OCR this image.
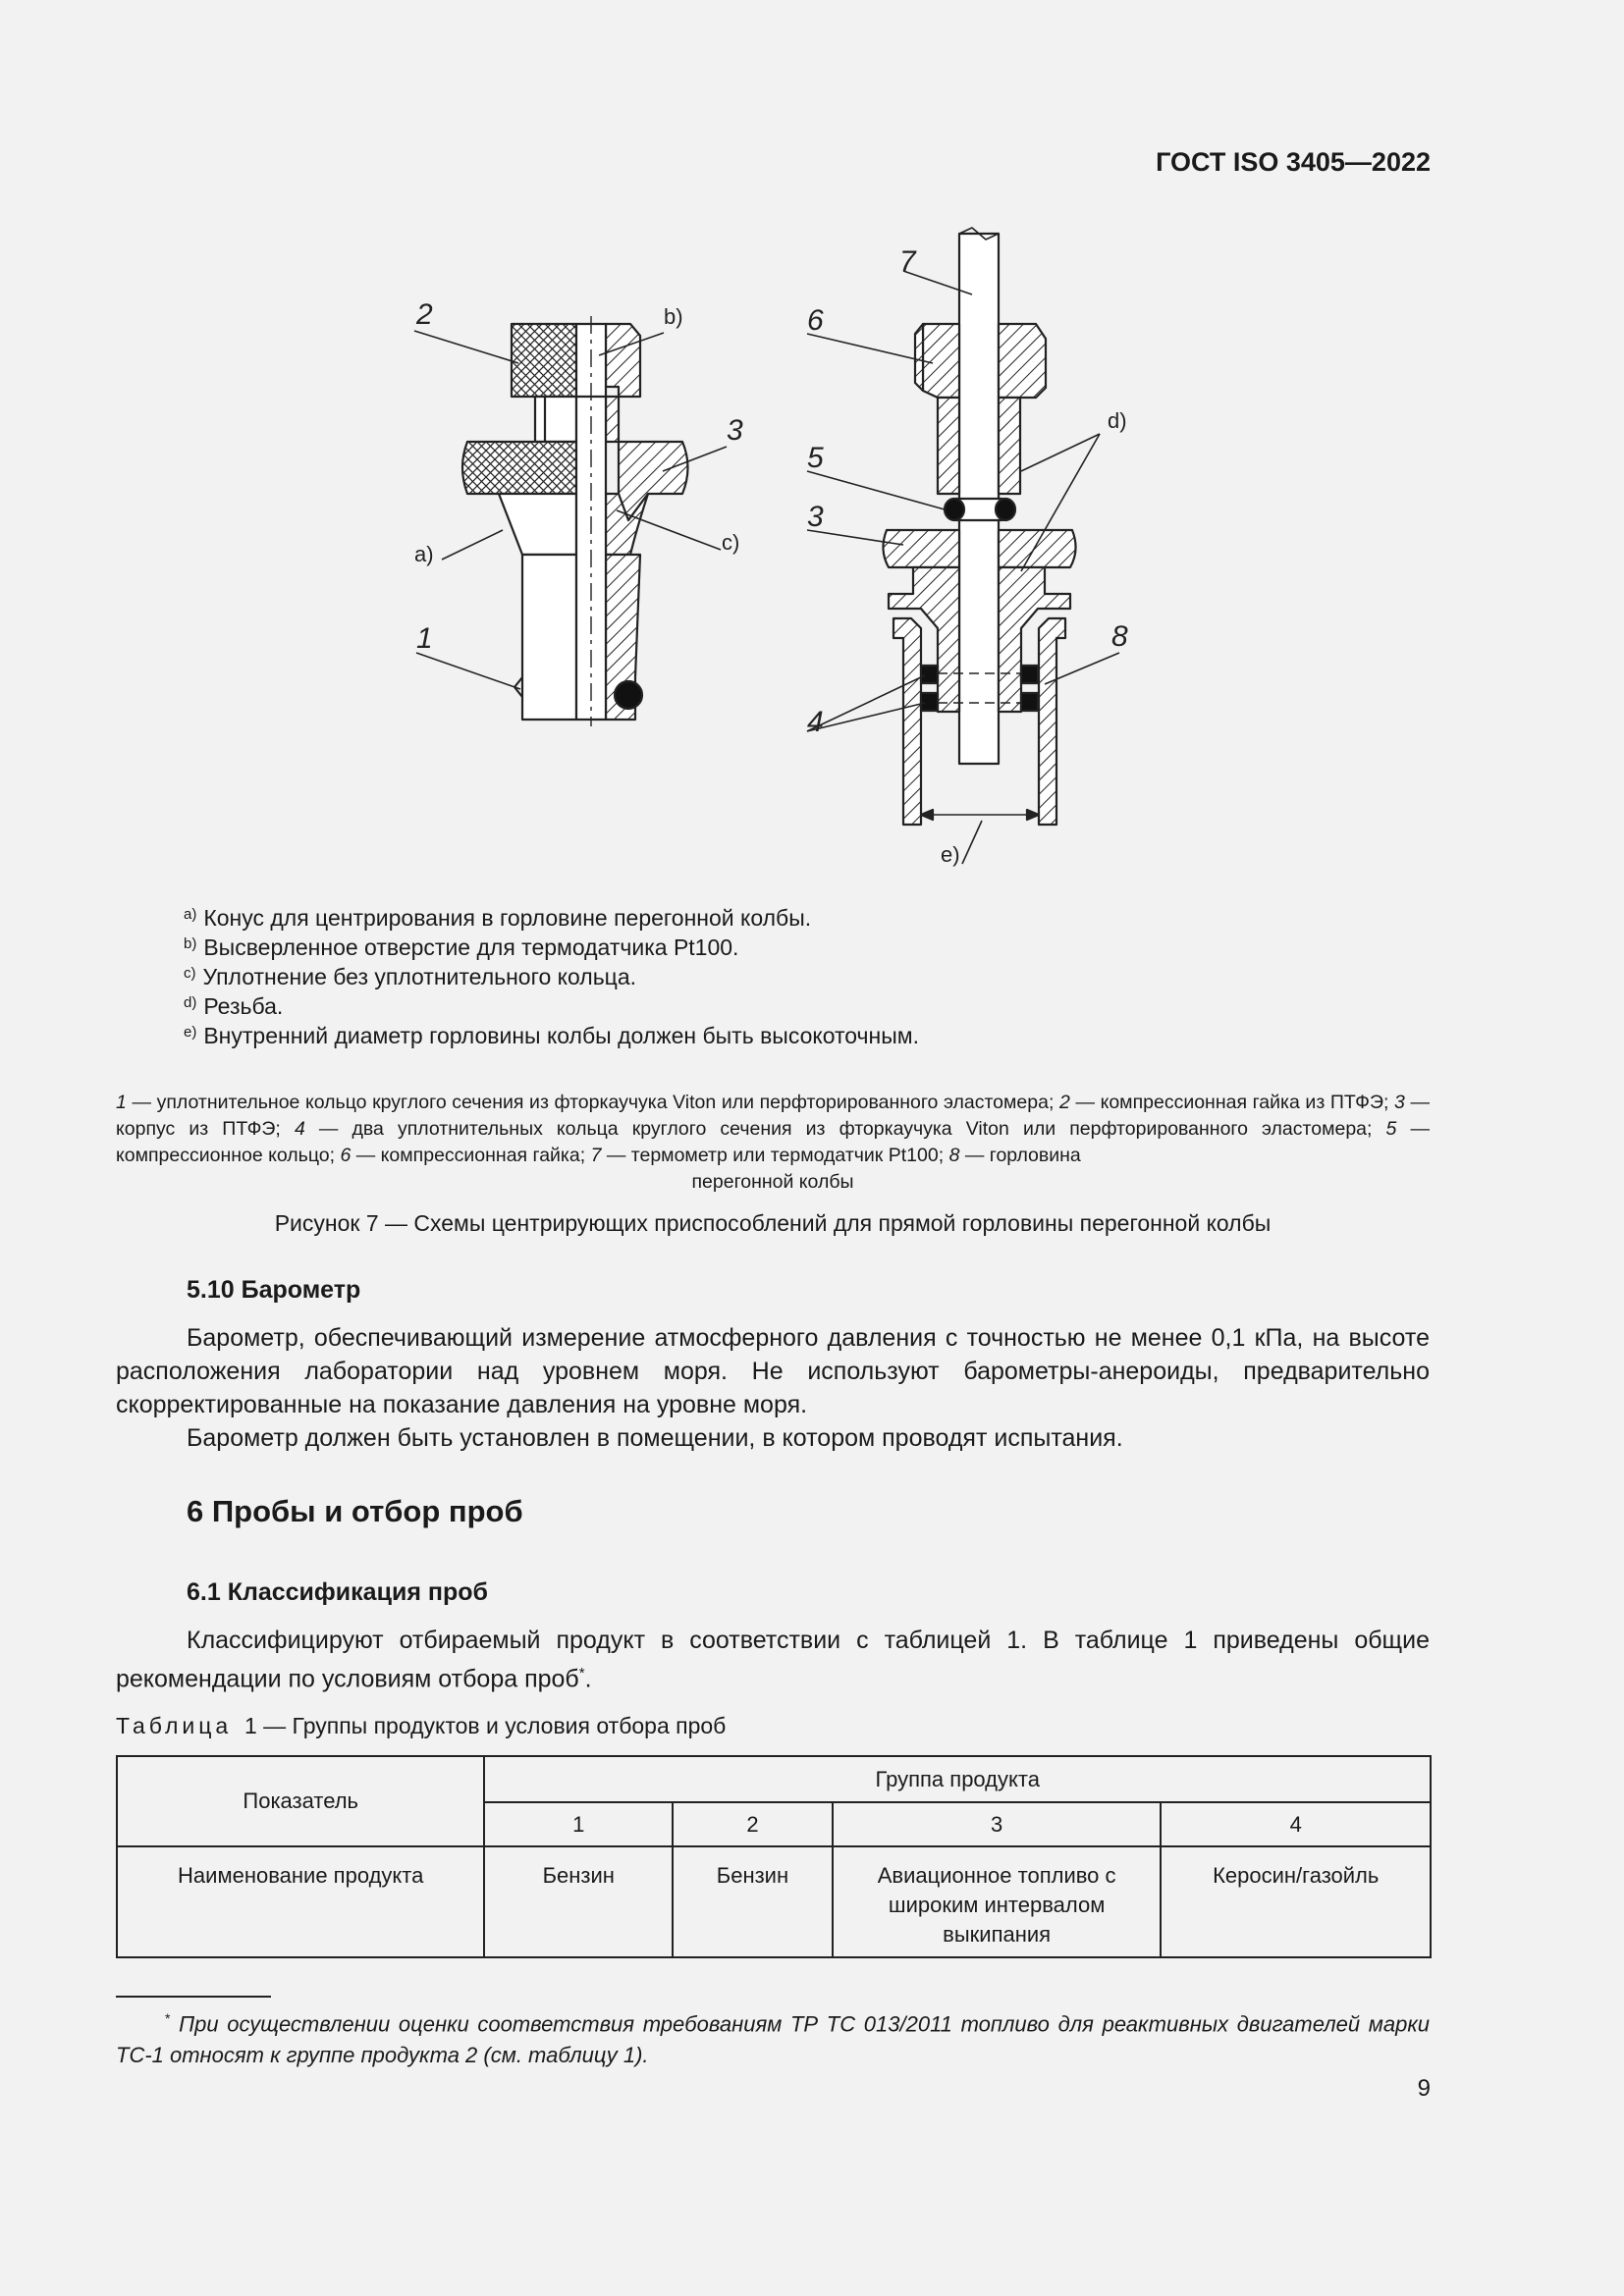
ГОСТ ISO 3405—2022
2
3
1
b)
a)	c)
7
6
5
3
8
4
d)
e)
$^{a)}$ Конус для центрирования в горловине перегонной колбы.
$^{b)}$ Высверленное отверстие для термодатчика Pt100.
$^{c)}$ Уплотнение без уплотнительного кольца.
$^{d)}$ Резьба.
$^{e)}$ Внутренний диаметр горловины колбы должен быть высокоточным.
1 — уплотнительное кольцо круглого сечения из фторкаучука Viton или перфторированного эластомера; 2 — компрессионная гайка из ПТФЭ; 3 — корпус из ПТФЭ; 4 — два уплотнительных кольца круглого сечения из фторкаучука Viton или перфторированного эластомера; 5 — компрессионное кольцо; 6 — компрессионная гайка; 7 — термометр или термодатчик Pt100; 8 — горловина
перегонной колбы
Рисунок 7 — Схемы центрирующих приспособлений для прямой горловины перегонной колбы
5.10 Барометр
Барометр, обеспечивающий измерение атмосферного давления с точностью не менее 0,1 кПа, на высоте расположения лаборатории над уровнем моря. Не используют барометры-анероиды, предварительно скорректированные на показание давления на уровне моря.
Барометр должен быть установлен в помещении, в котором проводят испытания.
6 Пробы и отбор проб
6.1 Классификация проб
Классифицируют отбираемый продукт в соответствии с таблицей 1. В таблице 1 приведены общие рекомендации по условиям отбора проб*.
Таблица 1 — Группы продуктов и условия отбора проб
Показатель	Группа продукта			
	1	2	3	4
Наименование продукта	Бензин	Бензин	Авиационное топливо с широким интервалом выкипания	Керосин/газойль
* При осуществлении оценки соответствия требованиям ТР ТС 013/2011 топливо для реактивных двигателей марки ТС-1 относят к группе продукта 2 (см. таблицу 1).
9
